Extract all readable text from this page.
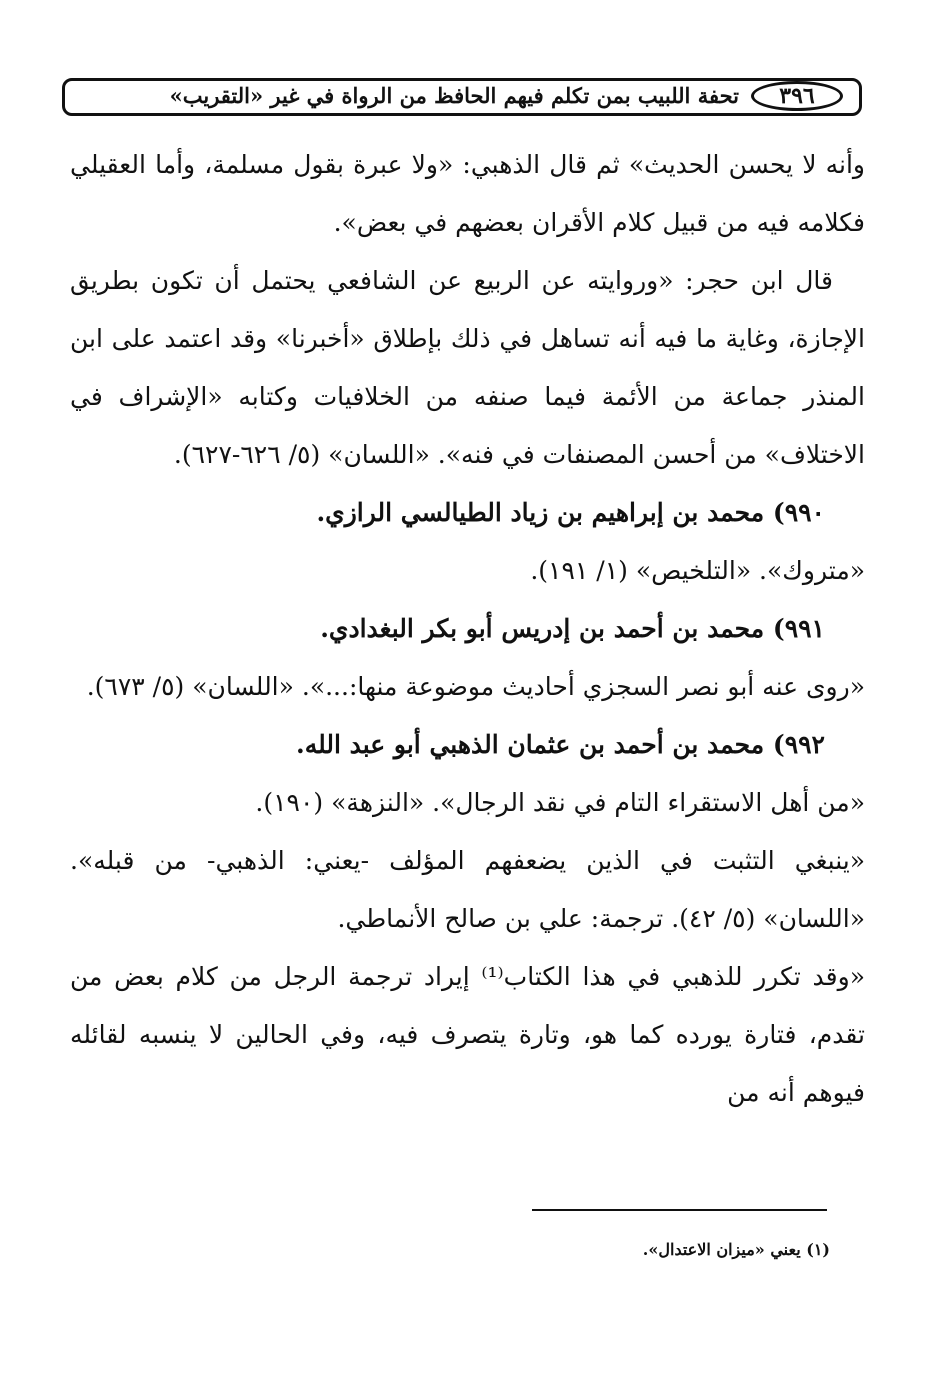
٣٩٦
تحفة اللبيب بمن تكلم فيهم الحافظ من الرواة في غير «التقريب»

وأنه لا يحسن الحديث» ثم قال الذهبي: «ولا عبرة بقول مسلمة، وأما العقيلي فكلامه فيه من قبيل كلام الأقران بعضهم في بعض».

قال ابن حجر: «وروايته عن الربيع عن الشافعي يحتمل أن تكون بطريق الإجازة، وغاية ما فيه أنه تساهل في ذلك بإطلاق «أخبرنا» وقد اعتمد على ابن المنذر جماعة من الأئمة فيما صنفه من الخلافيات وكتابه «الإشراف في الاختلاف» من أحسن المصنفات في فنه». «اللسان» (٥/ ٦٢٦-٦٢٧).

٩٩٠) محمد بن إبراهيم بن زياد الطيالسي الرازي.

«متروك». «التلخيص» (١/ ١٩١).

٩٩١) محمد بن أحمد بن إدريس أبو بكر البغدادي.

«روى عنه أبو نصر السجزي أحاديث موضوعة منها:...». «اللسان» (٥/ ٦٧٣).

٩٩٢) محمد بن أحمد بن عثمان الذهبي أبو عبد الله.

«من أهل الاستقراء التام في نقد الرجال». «النزهة» (١٩٠).

«ينبغي التثبت في الذين يضعفهم المؤلف -يعني: الذهبي- من قبله». «اللسان» (٥/ ٤٢). ترجمة: علي بن صالح الأنماطي.

«وقد تكرر للذهبي في هذا الكتاب⁽¹⁾ إيراد ترجمة الرجل من كلام بعض من تقدم، فتارة يورده كما هو، وتارة يتصرف فيه، وفي الحالين لا ينسبه لقائله فيوهم أنه من

(١) يعني «ميزان الاعتدال».
